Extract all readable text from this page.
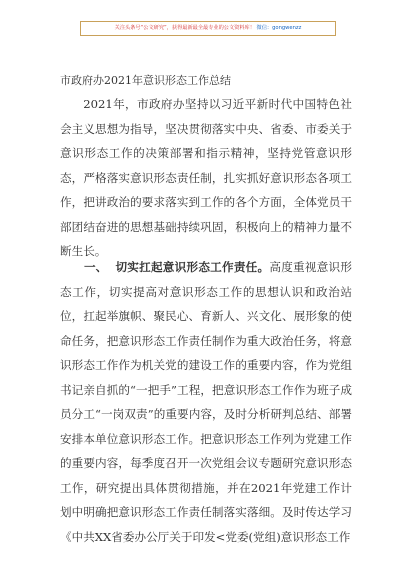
关注头条号“公文研究”，获得最新最全最专业的公文资料库！ 微信：gongwenzz
市政府办2021年意识形态工作总结
2021年，市政府办坚持以习近平新时代中国特色社会主义思想为指导，坚决贯彻落实中央、省委、市委关于意识形态工作的决策部署和指示精神，坚持党管意识形态，严格落实意识形态责任制，扎实抓好意识形态各项工作，把讲政治的要求落实到工作的各个方面，全体党员干部团结奋进的思想基础持续巩固，积极向上的精神力量不断生长。
一、 切实扛起意识形态工作责任。高度重视意识形态工作，切实提高对意识形态工作的思想认识和政治站位，扛起举旗帜、聚民心、育新人、兴文化、展形象的使命任务，把意识形态工作责任制作为重大政治任务，将意识形态工作作为机关党的建设工作的重要内容，作为党组书记亲自抓的“一把手”工程，把意识形态工作作为班子成员分工“一岗双责”的重要内容，及时分析研判总结、部署安排本单位意识形态工作。把意识形态工作列为党建工作的重要内容，每季度召开一次党组会议专题研究意识形态工作，研究提出具体贯彻措施，并在2021年党建工作计划中明确把意识形态工作责任制落实落细。及时传达学习《中共XX省委办公厅关于印发<党委(党组)意识形态工作
